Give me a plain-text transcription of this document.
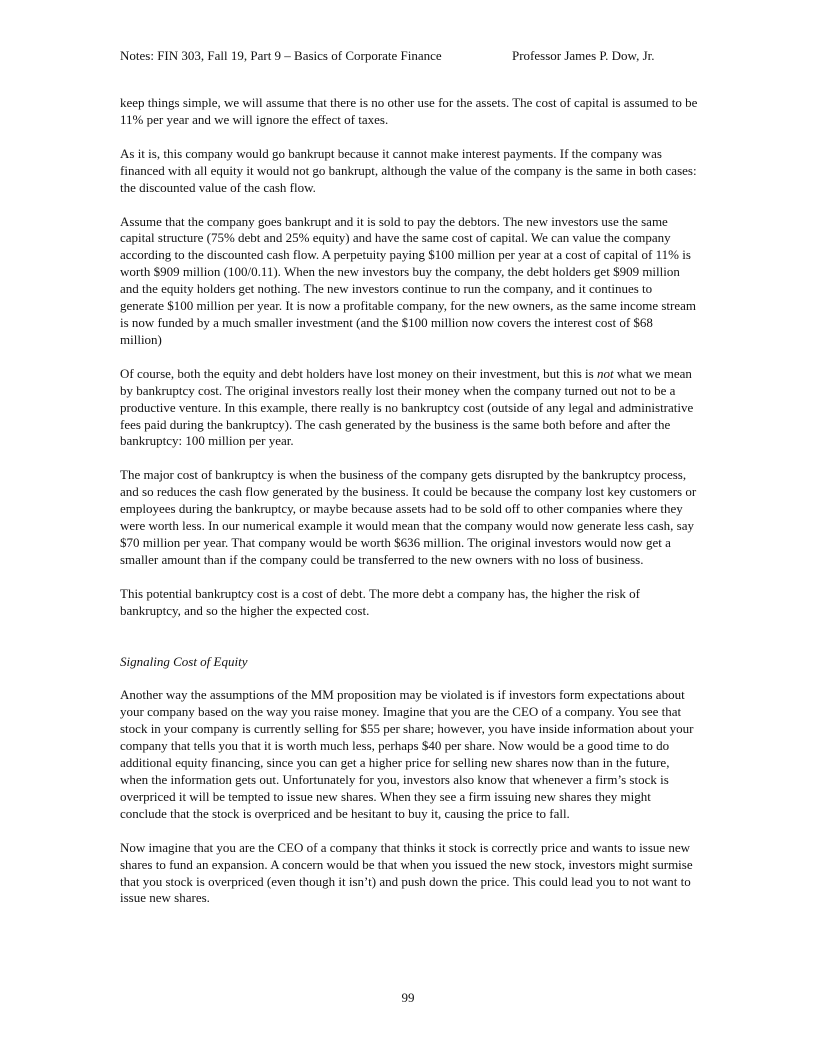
Notes: FIN 303, Fall 19, Part 9 – Basics of Corporate Finance	Professor James P. Dow, Jr.

keep things simple, we will assume that there is no other use for the assets. The cost of capital is assumed to be 11% per year and we will ignore the effect of taxes.

As it is, this company would go bankrupt because it cannot make interest payments. If the company was financed with all equity it would not go bankrupt, although the value of the company is the same in both cases: the discounted value of the cash flow.

Assume that the company goes bankrupt and it is sold to pay the debtors. The new investors use the same capital structure (75% debt and 25% equity) and have the same cost of capital. We can value the company according to the discounted cash flow. A perpetuity paying $100 million per year at a cost of capital of 11% is worth $909 million (100/0.11). When the new investors buy the company, the debt holders get $909 million and the equity holders get nothing. The new investors continue to run the company, and it continues to generate $100 million per year. It is now a profitable company, for the new owners, as the same income stream is now funded by a much smaller investment (and the $100 million now covers the interest cost of $68 million)

Of course, both the equity and debt holders have lost money on their investment, but this is not what we mean by bankruptcy cost. The original investors really lost their money when the company turned out not to be a productive venture. In this example, there really is no bankruptcy cost (outside of any legal and administrative fees paid during the bankruptcy). The cash generated by the business is the same both before and after the bankruptcy: 100 million per year.

The major cost of bankruptcy is when the business of the company gets disrupted by the bankruptcy process, and so reduces the cash flow generated by the business. It could be because the company lost key customers or employees during the bankruptcy, or maybe because assets had to be sold off to other companies where they were worth less. In our numerical example it would mean that the company would now generate less cash, say $70 million per year. That company would be worth $636 million. The original investors would now get a smaller amount than if the company could be transferred to the new owners with no loss of business.

This potential bankruptcy cost is a cost of debt. The more debt a company has, the higher the risk of bankruptcy, and so the higher the expected cost.

Signaling Cost of Equity

Another way the assumptions of the MM proposition may be violated is if investors form expectations about your company based on the way you raise money. Imagine that you are the CEO of a company. You see that stock in your company is currently selling for $55 per share; however, you have inside information about your company that tells you that it is worth much less, perhaps $40 per share. Now would be a good time to do additional equity financing, since you can get a higher price for selling new shares now than in the future, when the information gets out. Unfortunately for you, investors also know that whenever a firm’s stock is overpriced it will be tempted to issue new shares. When they see a firm issuing new shares they might conclude that the stock is overpriced and be hesitant to buy it, causing the price to fall.

Now imagine that you are the CEO of a company that thinks it stock is correctly price and wants to issue new shares to fund an expansion. A concern would be that when you issued the new stock, investors might surmise that you stock is overpriced (even though it isn’t) and push down the price. This could lead you to not want to issue new shares.

99
